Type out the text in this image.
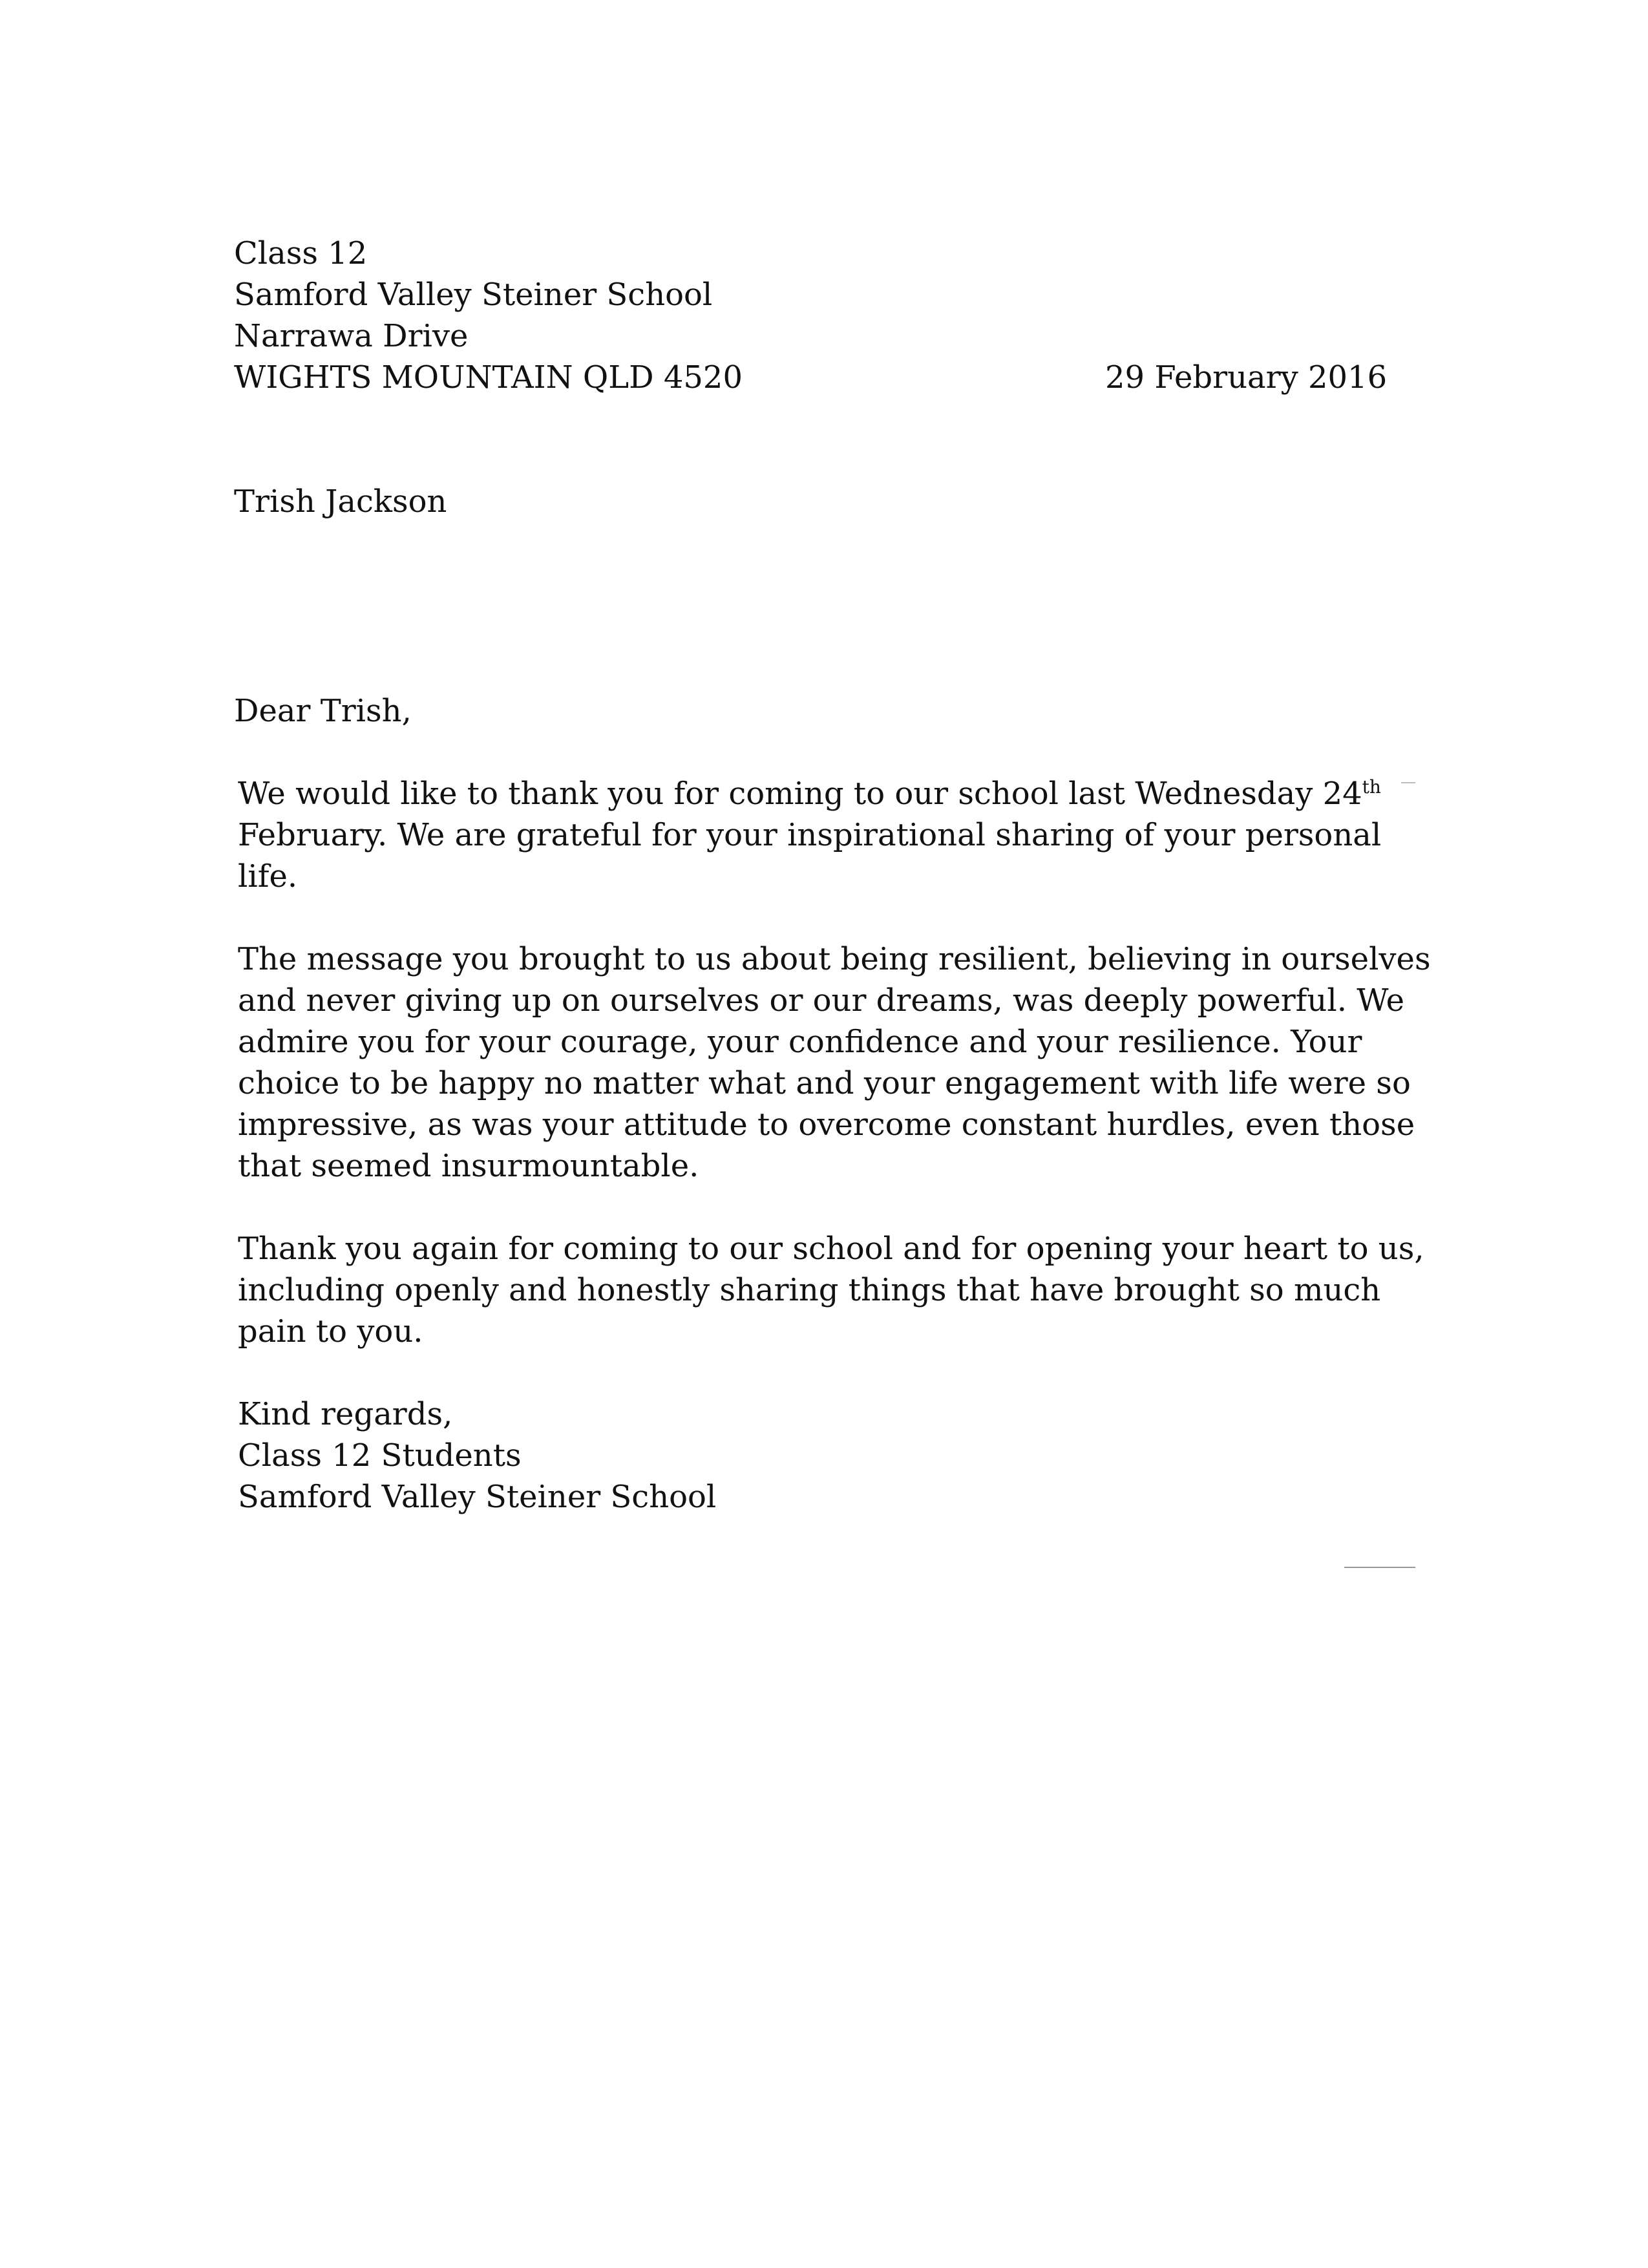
Class 12
Samford Valley Steiner School
Narrawa Drive
WIGHTS MOUNTAIN QLD 4520	29 February 2016
Trish Jackson
Dear Trish,
We would like to thank you for coming to our school last Wednesday 24th
February. We are grateful for your inspirational sharing of your personal
life.
The message you brought to us about being resilient, believing in ourselves
and never giving up on ourselves or our dreams, was deeply powerful. We
admire you for your courage, your confidence and your resilience. Your
choice to be happy no matter what and your engagement with life were so
impressive, as was your attitude to overcome constant hurdles, even those
that seemed insurmountable.
Thank you again for coming to our school and for opening your heart to us,
including openly and honestly sharing things that have brought so much
pain to you.
Kind regards,
Class 12 Students
Samford Valley Steiner School
